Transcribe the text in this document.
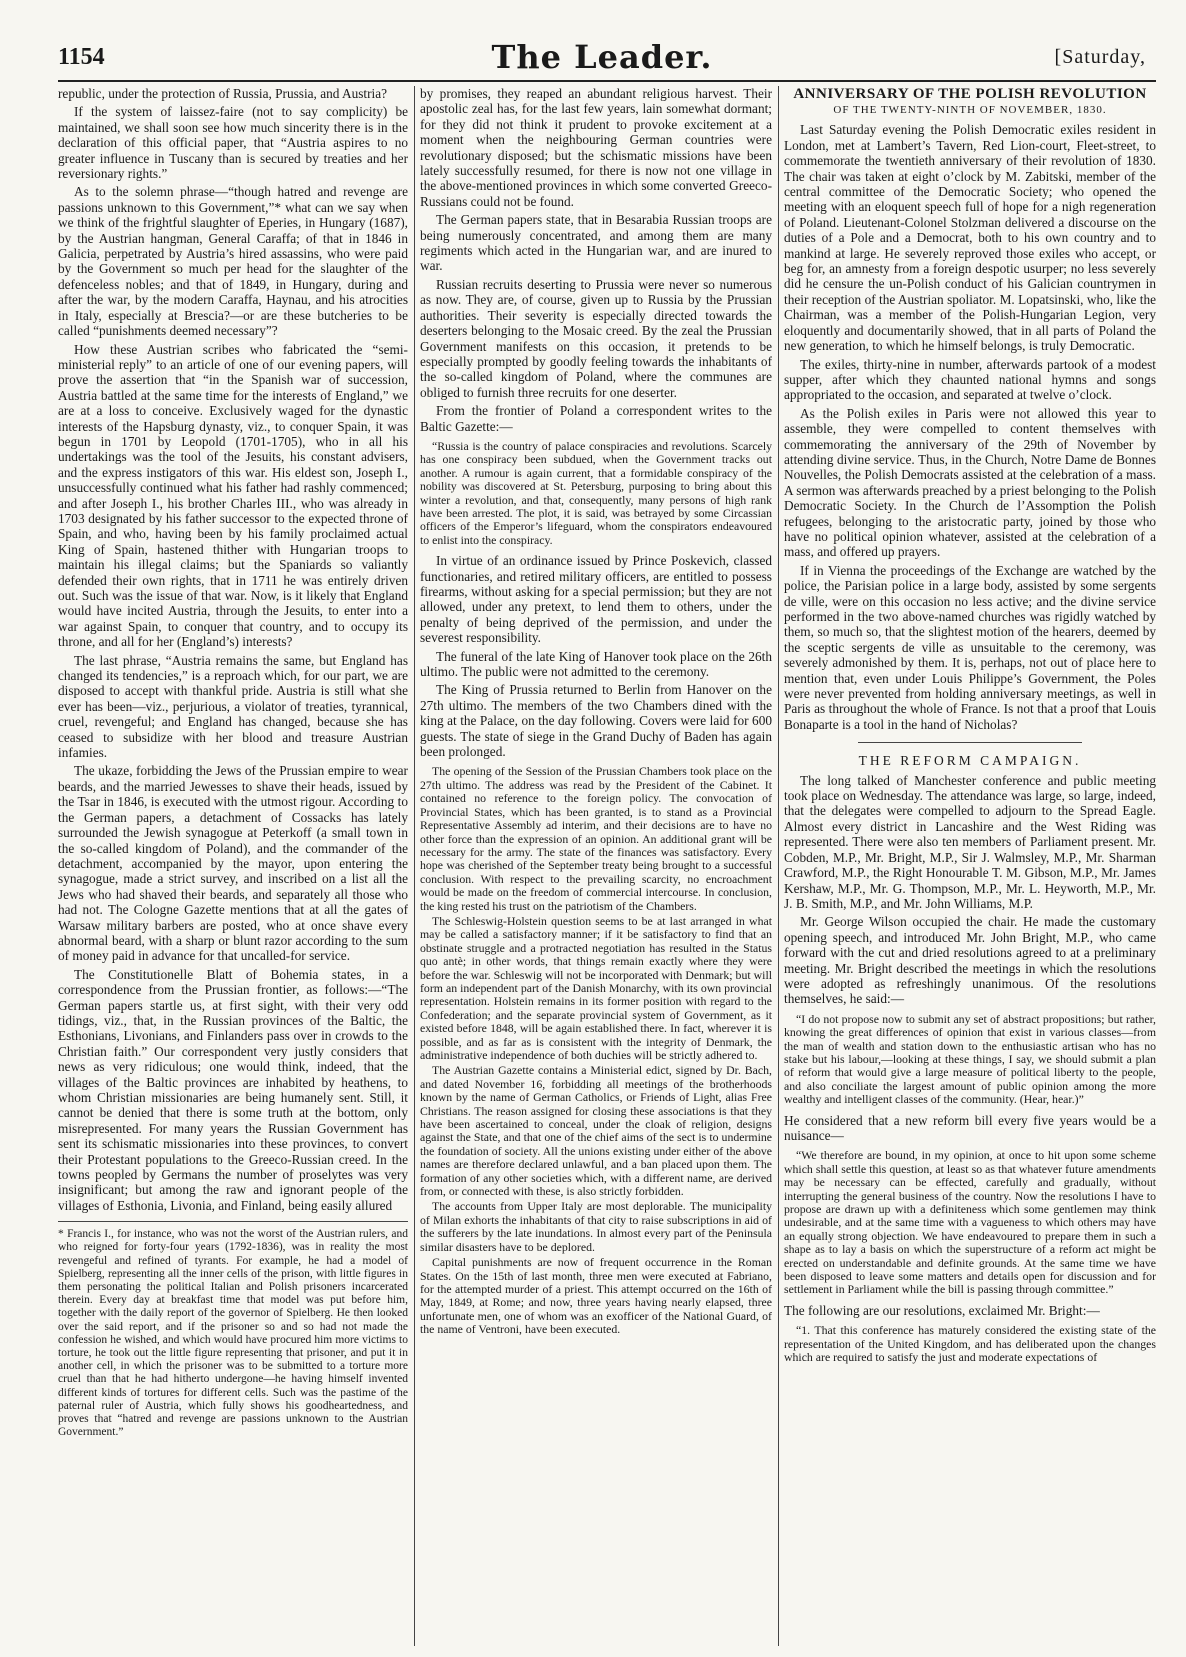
1154	The Leader.	[Saturday,

republic, under the protection of Russia, Prussia, and Austria?

If the system of laissez-faire (not to say complicity) be maintained, we shall soon see how much sincerity there is in the declaration of this official paper, that “Austria aspires to no greater influence in Tuscany than is secured by treaties and her reversionary rights.”

As to the solemn phrase—“though hatred and revenge are passions unknown to this Government,”* what can we say when we think of the frightful slaughter of Eperies, in Hungary (1687), by the Austrian hangman, General Caraffa; of that in 1846 in Galicia, perpetrated by Austria’s hired assassins, who were paid by the Government so much per head for the slaughter of the defenceless nobles; and that of 1849, in Hungary, during and after the war, by the modern Caraffa, Haynau, and his atrocities in Italy, especially at Brescia?—or are these butcheries to be called “punishments deemed necessary”?

How these Austrian scribes who fabricated the “semi-ministerial reply” to an article of one of our evening papers, will prove the assertion that “in the Spanish war of succession, Austria battled at the same time for the interests of England,” we are at a loss to conceive. Exclusively waged for the dynastic interests of the Hapsburg dynasty, viz., to conquer Spain, it was begun in 1701 by Leopold (1701-1705), who in all his undertakings was the tool of the Jesuits, his constant advisers, and the express instigators of this war. His eldest son, Joseph I., unsuccessfully continued what his father had rashly commenced; and after Joseph I., his brother Charles III., who was already in 1703 designated by his father successor to the expected throne of Spain, and who, having been by his family proclaimed actual King of Spain, hastened thither with Hungarian troops to maintain his illegal claims; but the Spaniards so valiantly defended their own rights, that in 1711 he was entirely driven out. Such was the issue of that war. Now, is it likely that England would have incited Austria, through the Jesuits, to enter into a war against Spain, to conquer that country, and to occupy its throne, and all for her (England’s) interests?

The last phrase, “Austria remains the same, but England has changed its tendencies,” is a reproach which, for our part, we are disposed to accept with thankful pride. Austria is still what she ever has been—viz., perjurious, a violator of treaties, tyrannical, cruel, revengeful; and England has changed, because she has ceased to subsidize with her blood and treasure Austrian infamies.

The ukaze, forbidding the Jews of the Prussian empire to wear beards, and the married Jewesses to shave their heads, issued by the Tsar in 1846, is executed with the utmost rigour. According to the German papers, a detachment of Cossacks has lately surrounded the Jewish synagogue at Peterkoff (a small town in the so-called kingdom of Poland), and the commander of the detachment, accompanied by the mayor, upon entering the synagogue, made a strict survey, and inscribed on a list all the Jews who had shaved their beards, and separately all those who had not. The Cologne Gazette mentions that at all the gates of Warsaw military barbers are posted, who at once shave every abnormal beard, with a sharp or blunt razor according to the sum of money paid in advance for that uncalled-for service.

The Constitutionelle Blatt of Bohemia states, in a correspondence from the Prussian frontier, as follows:—“The German papers startle us, at first sight, with their very odd tidings, viz., that, in the Russian provinces of the Baltic, the Esthonians, Livonians, and Finlanders pass over in crowds to the Christian faith.” Our correspondent very justly considers that news as very ridiculous; one would think, indeed, that the villages of the Baltic provinces are inhabited by heathens, to whom Christian missionaries are being humanely sent. Still, it cannot be denied that there is some truth at the bottom, only misrepresented. For many years the Russian Government has sent its schismatic missionaries into these provinces, to convert their Protestant populations to the Greeco-Russian creed. In the towns peopled by Germans the number of proselytes was very insignificant; but among the raw and ignorant people of the villages of Esthonia, Livonia, and Finland, being easily allured

* Francis I., for instance, who was not the worst of the Austrian rulers, and who reigned for forty-four years (1792-1836), was in reality the most revengeful and refined of tyrants. For example, he had a model of Spielberg, representing all the inner cells of the prison, with little figures in them personating the political Italian and Polish prisoners incarcerated therein. Every day at breakfast time that model was put before him, together with the daily report of the governor of Spielberg. He then looked over the said report, and if the prisoner so and so had not made the confession he wished, and which would have procured him more victims to torture, he took out the little figure representing that prisoner, and put it in another cell, in which the prisoner was to be submitted to a torture more cruel than that he had hitherto undergone—he having himself invented different kinds of tortures for different cells. Such was the pastime of the paternal ruler of Austria, which fully shows his goodheartedness, and proves that “hatred and revenge are passions unknown to the Austrian Government.”

by promises, they reaped an abundant religious harvest. Their apostolic zeal has, for the last few years, lain somewhat dormant; for they did not think it prudent to provoke excitement at a moment when the neighbouring German countries were revolutionary disposed; but the schismatic missions have been lately successfully resumed, for there is now not one village in the above-mentioned provinces in which some converted Greeco-Russians could not be found.

The German papers state, that in Besarabia Russian troops are being numerously concentrated, and among them are many regiments which acted in the Hungarian war, and are inured to war.

Russian recruits deserting to Prussia were never so numerous as now. They are, of course, given up to Russia by the Prussian authorities. Their severity is especially directed towards the deserters belonging to the Mosaic creed. By the zeal the Prussian Government manifests on this occasion, it pretends to be especially prompted by goodly feeling towards the inhabitants of the so-called kingdom of Poland, where the communes are obliged to furnish three recruits for one deserter.

From the frontier of Poland a correspondent writes to the Baltic Gazette:—

“Russia is the country of palace conspiracies and revolutions. Scarcely has one conspiracy been subdued, when the Government tracks out another. A rumour is again current, that a formidable conspiracy of the nobility was discovered at St. Petersburg, purposing to bring about this winter a revolution, and that, consequently, many persons of high rank have been arrested. The plot, it is said, was betrayed by some Circassian officers of the Emperor’s lifeguard, whom the conspirators endeavoured to enlist into the conspiracy.

In virtue of an ordinance issued by Prince Poskevich, classed functionaries, and retired military officers, are entitled to possess firearms, without asking for a special permission; but they are not allowed, under any pretext, to lend them to others, under the penalty of being deprived of the permission, and under the severest responsibility.

The funeral of the late King of Hanover took place on the 26th ultimo. The public were not admitted to the ceremony.

The King of Prussia returned to Berlin from Hanover on the 27th ultimo. The members of the two Chambers dined with the king at the Palace, on the day following. Covers were laid for 600 guests. The state of siege in the Grand Duchy of Baden has again been prolonged.

The opening of the Session of the Prussian Chambers took place on the 27th ultimo. The address was read by the President of the Cabinet. It contained no reference to the foreign policy. The convocation of Provincial States, which has been granted, is to stand as a Provincial Representative Assembly ad interim, and their decisions are to have no other force than the expression of an opinion. An additional grant will be necessary for the army. The state of the finances was satisfactory. Every hope was cherished of the September treaty being brought to a successful conclusion. With respect to the prevailing scarcity, no encroachment would be made on the freedom of commercial intercourse. In conclusion, the king rested his trust on the patriotism of the Chambers.

The Schleswig-Holstein question seems to be at last arranged in what may be called a satisfactory manner; if it be satisfactory to find that an obstinate struggle and a protracted negotiation has resulted in the Status quo antè; in other words, that things remain exactly where they were before the war. Schleswig will not be incorporated with Denmark; but will form an independent part of the Danish Monarchy, with its own provincial representation. Holstein remains in its former position with regard to the Confederation; and the separate provincial system of Government, as it existed before 1848, will be again established there. In fact, wherever it is possible, and as far as is consistent with the integrity of Denmark, the administrative independence of both duchies will be strictly adhered to.

The Austrian Gazette contains a Ministerial edict, signed by Dr. Bach, and dated November 16, forbidding all meetings of the brotherhoods known by the name of German Catholics, or Friends of Light, alias Free Christians. The reason assigned for closing these associations is that they have been ascertained to conceal, under the cloak of religion, designs against the State, and that one of the chief aims of the sect is to undermine the foundation of society. All the unions existing under either of the above names are therefore declared unlawful, and a ban placed upon them. The formation of any other societies which, with a different name, are derived from, or connected with these, is also strictly forbidden.

The accounts from Upper Italy are most deplorable. The municipality of Milan exhorts the inhabitants of that city to raise subscriptions in aid of the sufferers by the late inundations. In almost every part of the Peninsula similar disasters have to be deplored.

Capital punishments are now of frequent occurrence in the Roman States. On the 15th of last month, three men were executed at Fabriano, for the attempted murder of a priest. This attempt occurred on the 16th of May, 1849, at Rome; and now, three years having nearly elapsed, three unfortunate men, one of whom was an exofficer of the National Guard, of the name of Ventroni, have been executed.

ANNIVERSARY OF THE POLISH REVOLUTION
OF THE TWENTY-NINTH OF NOVEMBER, 1830.

Last Saturday evening the Polish Democratic exiles resident in London, met at Lambert’s Tavern, Red Lion-court, Fleet-street, to commemorate the twentieth anniversary of their revolution of 1830. The chair was taken at eight o’clock by M. Zabitski, member of the central committee of the Democratic Society; who opened the meeting with an eloquent speech full of hope for a nigh regeneration of Poland. Lieutenant-Colonel Stolzman delivered a discourse on the duties of a Pole and a Democrat, both to his own country and to mankind at large. He severely reproved those exiles who accept, or beg for, an amnesty from a foreign despotic usurper; no less severely did he censure the un-Polish conduct of his Galician countrymen in their reception of the Austrian spoliator. M. Lopatsinski, who, like the Chairman, was a member of the Polish-Hungarian Legion, very eloquently and documentarily showed, that in all parts of Poland the new generation, to which he himself belongs, is truly Democratic.

The exiles, thirty-nine in number, afterwards partook of a modest supper, after which they chaunted national hymns and songs appropriated to the occasion, and separated at twelve o’clock.

As the Polish exiles in Paris were not allowed this year to assemble, they were compelled to content themselves with commemorating the anniversary of the 29th of November by attending divine service. Thus, in the Church, Notre Dame de Bonnes Nouvelles, the Polish Democrats assisted at the celebration of a mass. A sermon was afterwards preached by a priest belonging to the Polish Democratic Society. In the Church de l’Assomption the Polish refugees, belonging to the aristocratic party, joined by those who have no political opinion whatever, assisted at the celebration of a mass, and offered up prayers.

If in Vienna the proceedings of the Exchange are watched by the police, the Parisian police in a large body, assisted by some sergents de ville, were on this occasion no less active; and the divine service performed in the two above-named churches was rigidly watched by them, so much so, that the slightest motion of the hearers, deemed by the sceptic sergents de ville as unsuitable to the ceremony, was severely admonished by them. It is, perhaps, not out of place here to mention that, even under Louis Philippe’s Government, the Poles were never prevented from holding anniversary meetings, as well in Paris as throughout the whole of France. Is not that a proof that Louis Bonaparte is a tool in the hand of Nicholas?

THE REFORM CAMPAIGN.

The long talked of Manchester conference and public meeting took place on Wednesday. The attendance was large, so large, indeed, that the delegates were compelled to adjourn to the Spread Eagle. Almost every district in Lancashire and the West Riding was represented. There were also ten members of Parliament present. Mr. Cobden, M.P., Mr. Bright, M.P., Sir J. Walmsley, M.P., Mr. Sharman Crawford, M.P., the Right Honourable T. M. Gibson, M.P., Mr. James Kershaw, M.P., Mr. G. Thompson, M.P., Mr. L. Heyworth, M.P., Mr. J. B. Smith, M.P., and Mr. John Williams, M.P.

Mr. George Wilson occupied the chair. He made the customary opening speech, and introduced Mr. John Bright, M.P., who came forward with the cut and dried resolutions agreed to at a preliminary meeting. Mr. Bright described the meetings in which the resolutions were adopted as refreshingly unanimous. Of the resolutions themselves, he said:—

“I do not propose now to submit any set of abstract propositions; but rather, knowing the great differences of opinion that exist in various classes—from the man of wealth and station down to the enthusiastic artisan who has no stake but his labour,—looking at these things, I say, we should submit a plan of reform that would give a large measure of political liberty to the people, and also conciliate the largest amount of public opinion among the more wealthy and intelligent classes of the community. (Hear, hear.)”

He considered that a new reform bill every five years would be a nuisance—

“We therefore are bound, in my opinion, at once to hit upon some scheme which shall settle this question, at least so as that whatever future amendments may be necessary can be effected, carefully and gradually, without interrupting the general business of the country. Now the resolutions I have to propose are drawn up with a definiteness which some gentlemen may think undesirable, and at the same time with a vagueness to which others may have an equally strong objection. We have endeavoured to prepare them in such a shape as to lay a basis on which the superstructure of a reform act might be erected on understandable and definite grounds. At the same time we have been disposed to leave some matters and details open for discussion and for settlement in Parliament while the bill is passing through committee.”

The following are our resolutions, exclaimed Mr. Bright:—

“1. That this conference has maturely considered the existing state of the representation of the United Kingdom, and has deliberated upon the changes which are required to satisfy the just and moderate expectations of
